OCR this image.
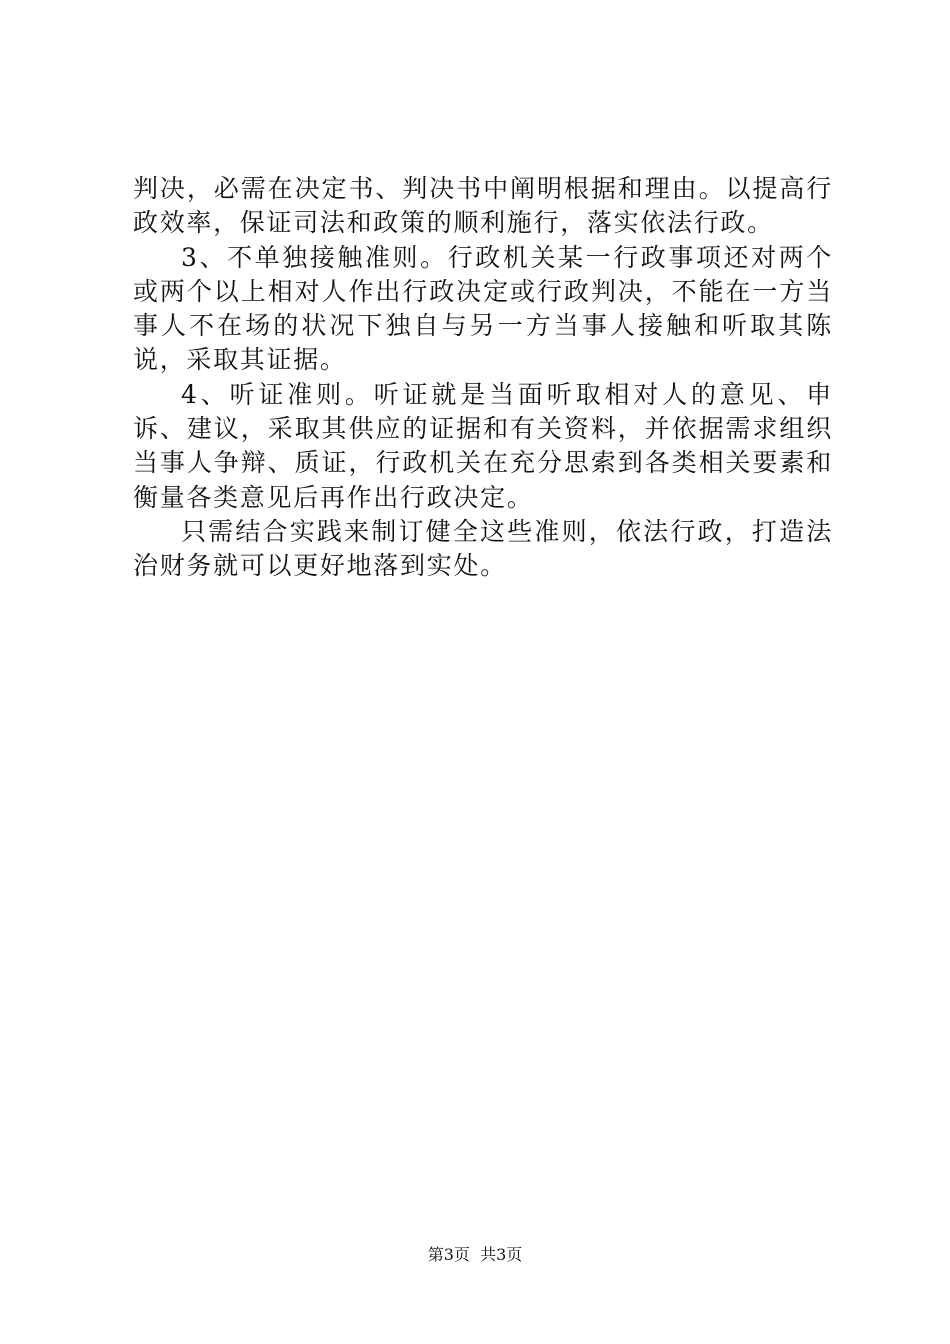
判决，必需在决定书、判决书中阐明根据和理由。以提高行政效率，保证司法和政策的顺利施行，落实依法行政。

3、不单独接触准则。行政机关某一行政事项还对两个或两个以上相对人作出行政决定或行政判决，不能在一方当事人不在场的状况下独自与另一方当事人接触和听取其陈说，采取其证据。

4、听证准则。听证就是当面听取相对人的意见、申诉、建议，采取其供应的证据和有关资料，并依据需求组织当事人争辩、质证，行政机关在充分思索到各类相关要素和衡量各类意见后再作出行政决定。

只需结合实践来制订健全这些准则，依法行政，打造法治财务就可以更好地落到实处。

第3页  共3页
